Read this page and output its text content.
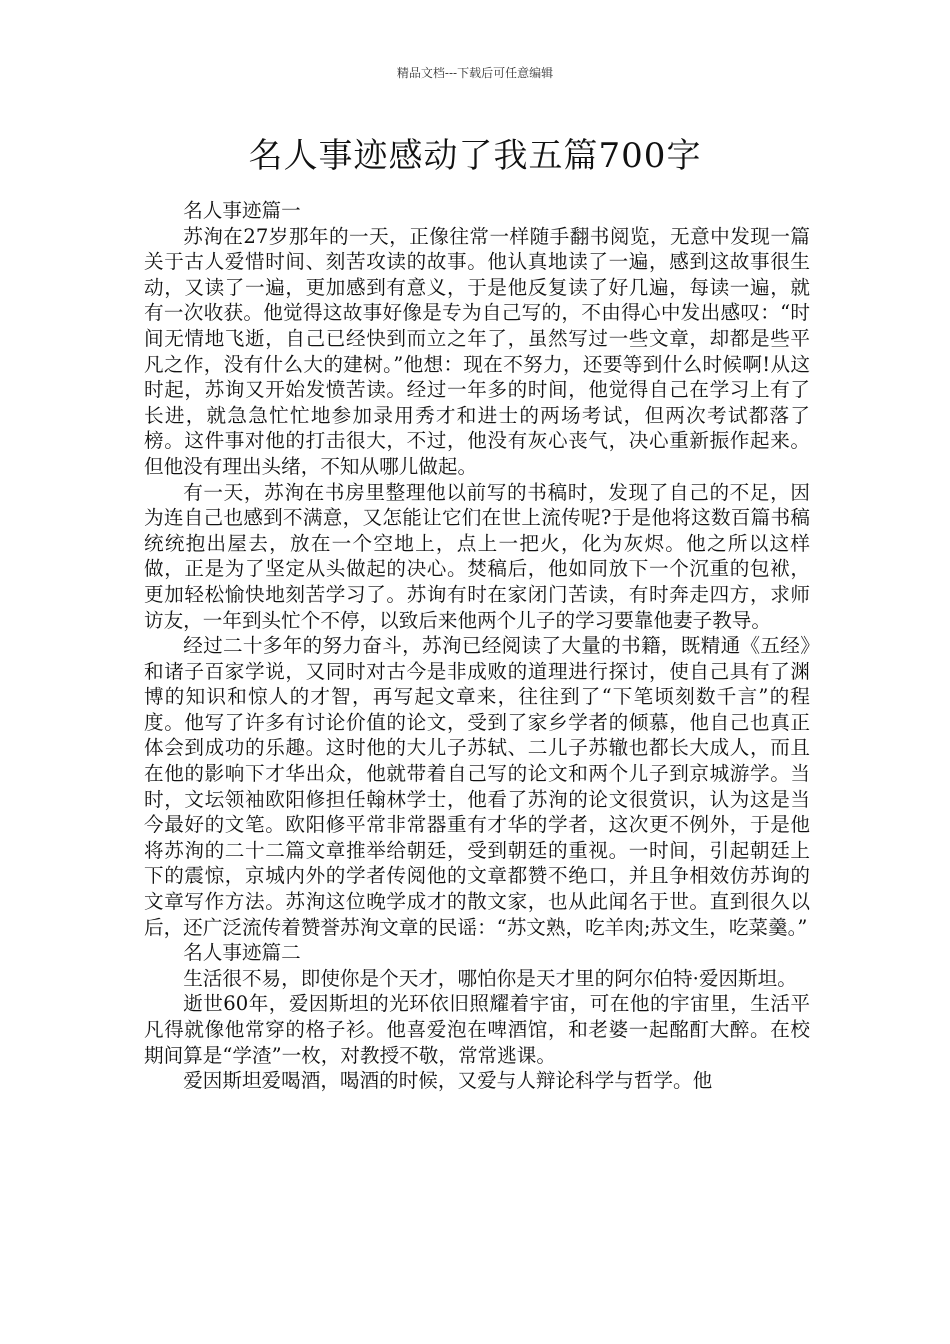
精品文档---下载后可任意编辑
名人事迹感动了我五篇700字

名人事迹篇一

苏洵在27岁那年的一天，正像往常一样随手翻书阅览，无意中发现一篇关于古人爱惜时间、刻苦攻读的故事。他认真地读了一遍，感到这故事很生动，又读了一遍，更加感到有意义，于是他反复读了好几遍，每读一遍，就有一次收获。他觉得这故事好像是专为自己写的，不由得心中发出感叹：“时间无情地飞逝，自己已经快到而立之年了，虽然写过一些文章，却都是些平凡之作，没有什么大的建树。”他想：现在不努力，还要等到什么时候啊!从这时起，苏询又开始发愤苦读。经过一年多的时间，他觉得自己在学习上有了长进，就急急忙忙地参加录用秀才和进士的两场考试，但两次考试都落了榜。这件事对他的打击很大，不过，他没有灰心丧气，决心重新振作起来。但他没有理出头绪，不知从哪儿做起。

有一天，苏洵在书房里整理他以前写的书稿时，发现了自己的不足，因为连自己也感到不满意，又怎能让它们在世上流传呢?于是他将这数百篇书稿统统抱出屋去，放在一个空地上，点上一把火，化为灰烬。他之所以这样做，正是为了坚定从头做起的决心。焚稿后，他如同放下一个沉重的包袱，更加轻松愉快地刻苦学习了。苏询有时在家闭门苦读，有时奔走四方，求师访友，一年到头忙个不停，以致后来他两个儿子的学习要靠他妻子教导。

经过二十多年的努力奋斗，苏洵已经阅读了大量的书籍，既精通《五经》和诸子百家学说，又同时对古今是非成败的道理进行探讨，使自己具有了渊博的知识和惊人的才智，再写起文章来，往往到了“下笔顷刻数千言”的程度。他写了许多有讨论价值的论文，受到了家乡学者的倾慕，他自己也真正体会到成功的乐趣。这时他的大儿子苏轼、二儿子苏辙也都长大成人，而且在他的影响下才华出众，他就带着自己写的论文和两个儿子到京城游学。当时，文坛领袖欧阳修担任翰林学士，他看了苏洵的论文很赏识，认为这是当今最好的文笔。欧阳修平常非常器重有才华的学者，这次更不例外，于是他将苏洵的二十二篇文章推举给朝廷，受到朝廷的重视。一时间，引起朝廷上下的震惊，京城内外的学者传阅他的文章都赞不绝口，并且争相效仿苏询的文章写作方法。苏洵这位晚学成才的散文家，也从此闻名于世。直到很久以后，还广泛流传着赞誉苏洵文章的民谣：“苏文熟，吃羊肉;苏文生，吃菜羹。”

名人事迹篇二

生活很不易，即使你是个天才，哪怕你是天才里的阿尔伯特·爱因斯坦。

逝世60年，爱因斯坦的光环依旧照耀着宇宙，可在他的宇宙里，生活平凡得就像他常穿的格子衫。他喜爱泡在啤酒馆，和老婆一起酩酊大醉。在校期间算是“学渣”一枚，对教授不敬，常常逃课。

爱因斯坦爱喝酒，喝酒的时候，又爱与人辩论科学与哲学。他
